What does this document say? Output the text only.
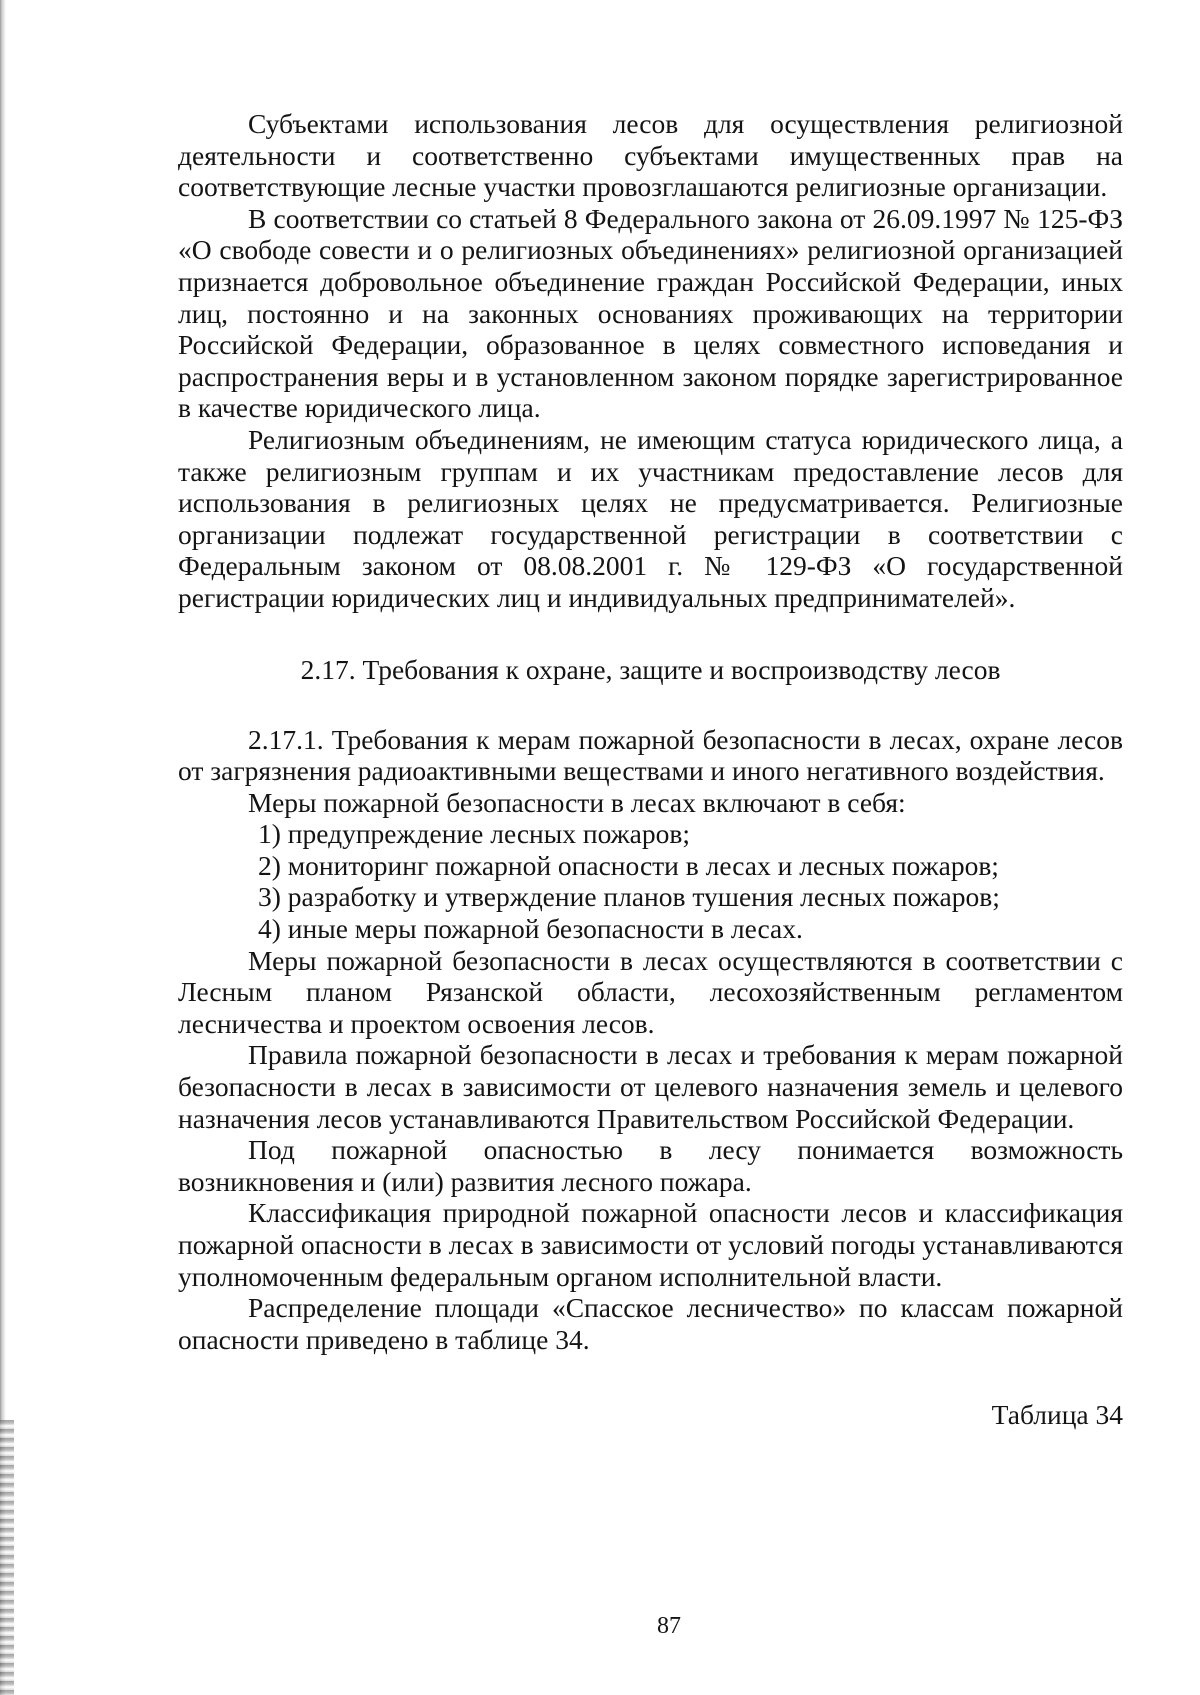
Субъектами использования лесов для осуществления религиозной деятельности и соответственно субъектами имущественных прав на соответствующие лесные участки провозглашаются религиозные организации.

В соответствии со статьей 8 Федерального закона от 26.09.1997 № 125-ФЗ «О свободе совести и о религиозных объединениях» религиозной организацией признается добровольное объединение граждан Российской Федерации, иных лиц, постоянно и на законных основаниях проживающих на территории Российской Федерации, образованное в целях совместного исповедания и распространения веры и в установленном законом порядке зарегистрированное в качестве юридического лица.

Религиозным объединениям, не имеющим статуса юридического лица, а также религиозным группам и их участникам предоставление лесов для использования в религиозных целях не предусматривается. Религиозные организации подлежат государственной регистрации в соответствии с Федеральным законом от 08.08.2001 г. № 129-ФЗ «О государственной регистрации юридических лиц и индивидуальных предпринимателей».

2.17. Требования к охране, защите и воспроизводству лесов

2.17.1. Требования к мерам пожарной безопасности в лесах, охране лесов от загрязнения радиоактивными веществами и иного негативного воздействия.

Меры пожарной безопасности в лесах включают в себя:

1) предупреждение лесных пожаров;

2) мониторинг пожарной опасности в лесах и лесных пожаров;

3) разработку и утверждение планов тушения лесных пожаров;

4) иные меры пожарной безопасности в лесах.

Меры пожарной безопасности в лесах осуществляются в соответствии с Лесным планом Рязанской области, лесохозяйственным регламентом лесничества и проектом освоения лесов.

Правила пожарной безопасности в лесах и требования к мерам пожарной безопасности в лесах в зависимости от целевого назначения земель и целевого назначения лесов устанавливаются Правительством Российской Федерации.

Под пожарной опасностью в лесу понимается возможность возникновения и (или) развития лесного пожара.

Классификация природной пожарной опасности лесов и классификация пожарной опасности в лесах в зависимости от условий погоды устанавливаются уполномоченным федеральным органом исполнительной власти.

Распределение площади «Спасское лесничество» по классам пожарной опасности приведено в таблице 34.

Таблица 34

87
